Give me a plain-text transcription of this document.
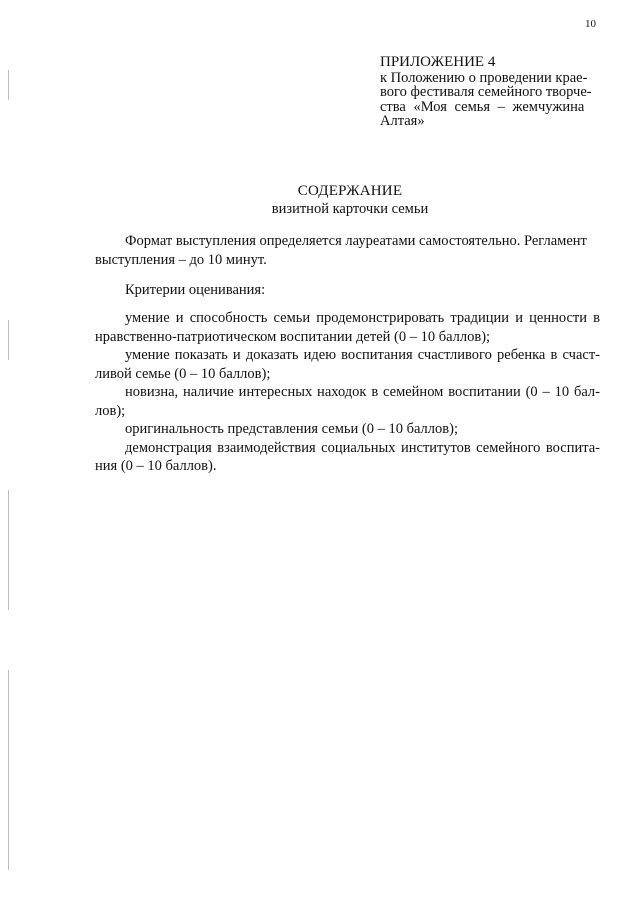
10
ПРИЛОЖЕНИЕ 4
к Положению о проведении крае-
вого фестиваля семейного творче-
ства «Моя семья – жемчужина
Алтая»
СОДЕРЖАНИЕ
визитной карточки семьи
Формат выступления определяется лауреатами самостоятельно. Регламент
выступления – до 10 минут.
Критерии оценивания:

умение и способность семьи продемонстрировать традиции и ценности в
нравственно-патриотическом воспитании детей (0 – 10 баллов);

умение показать и доказать идею воспитания счастливого ребенка в счаст-
ливой семье (0 – 10 баллов);

новизна, наличие интересных находок в семейном воспитании (0 – 10 бал-
лов);

оригинальность представления семьи (0 – 10 баллов);

демонстрация взаимодействия социальных институтов семейного воспита-
ния (0 – 10 баллов).
